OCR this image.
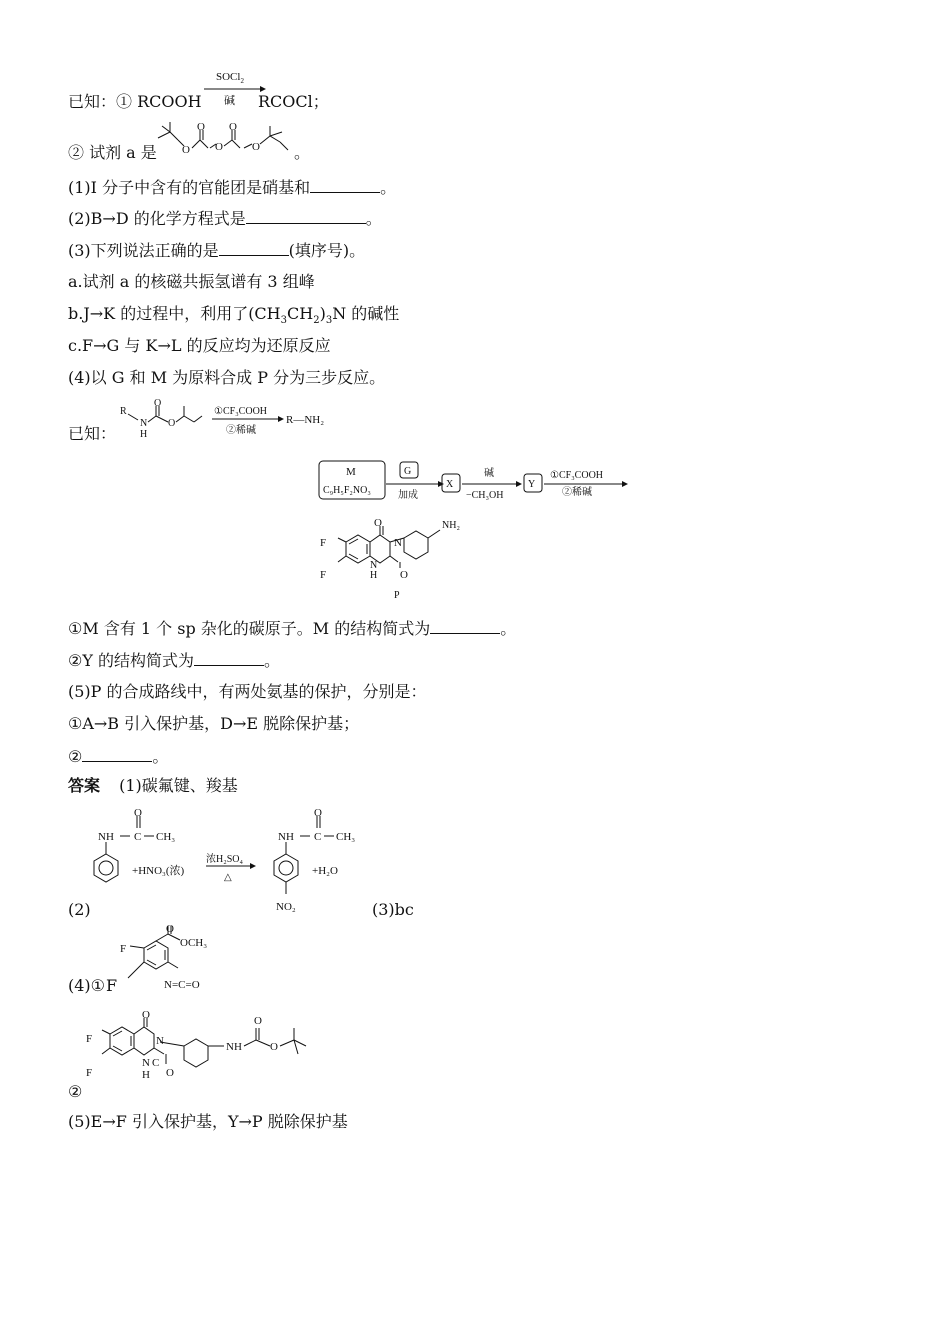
已知：① RCOOH
SOCl$_2$
碱 RCOCl；
② 试剂 a 是 O
O
O
O
O 。
(1)I 分子中含有的官能团是硝基和	。
(2)B→D 的化学方程式是	。
(3)下列说法正确的是	(填序号)。
a.试剂 a 的核磁共振氢谱有 3 组峰
b.J→K 的过程中，利用了$(CH_3CH_2)_3N$ 的碱性
c.F→G 与 K→L 的反应均为还原反应
(4)以 G 和 M 为原料合成 P 分为三步反应。
已知：
R
N
H
O
O
①CF₃COOH
②稀碱
R—NH₂
M
C₉H₅F₂NO₃
G
加成
X
碱
−CH₃OH
Y
①CF₃COOH
②稀碱
F
F
O
N
N
H O
NH₂
P
①M 含有 1 个 sp 杂化的碳原子。M 的结构简式为	。
②Y 的结构简式为	。
(5)P 的合成路线中，有两处氨基的保护，分别是：
①A→B 引入保护基，D→E 脱除保护基；
②	。
答案 (1)碳氟键、羧基
NH C CH₃
O
+HNO₃(浓)
浓H₂SO₄
△
NH C CH₃
O
+H₂O
NO₂
(2)	(3)bc
F
O
OCH₃
N=C=O
(4)① F
F
F
O
N
N C
H O
NH
O
O
②
(5)E→F 引入保护基，Y→P 脱除保护基
